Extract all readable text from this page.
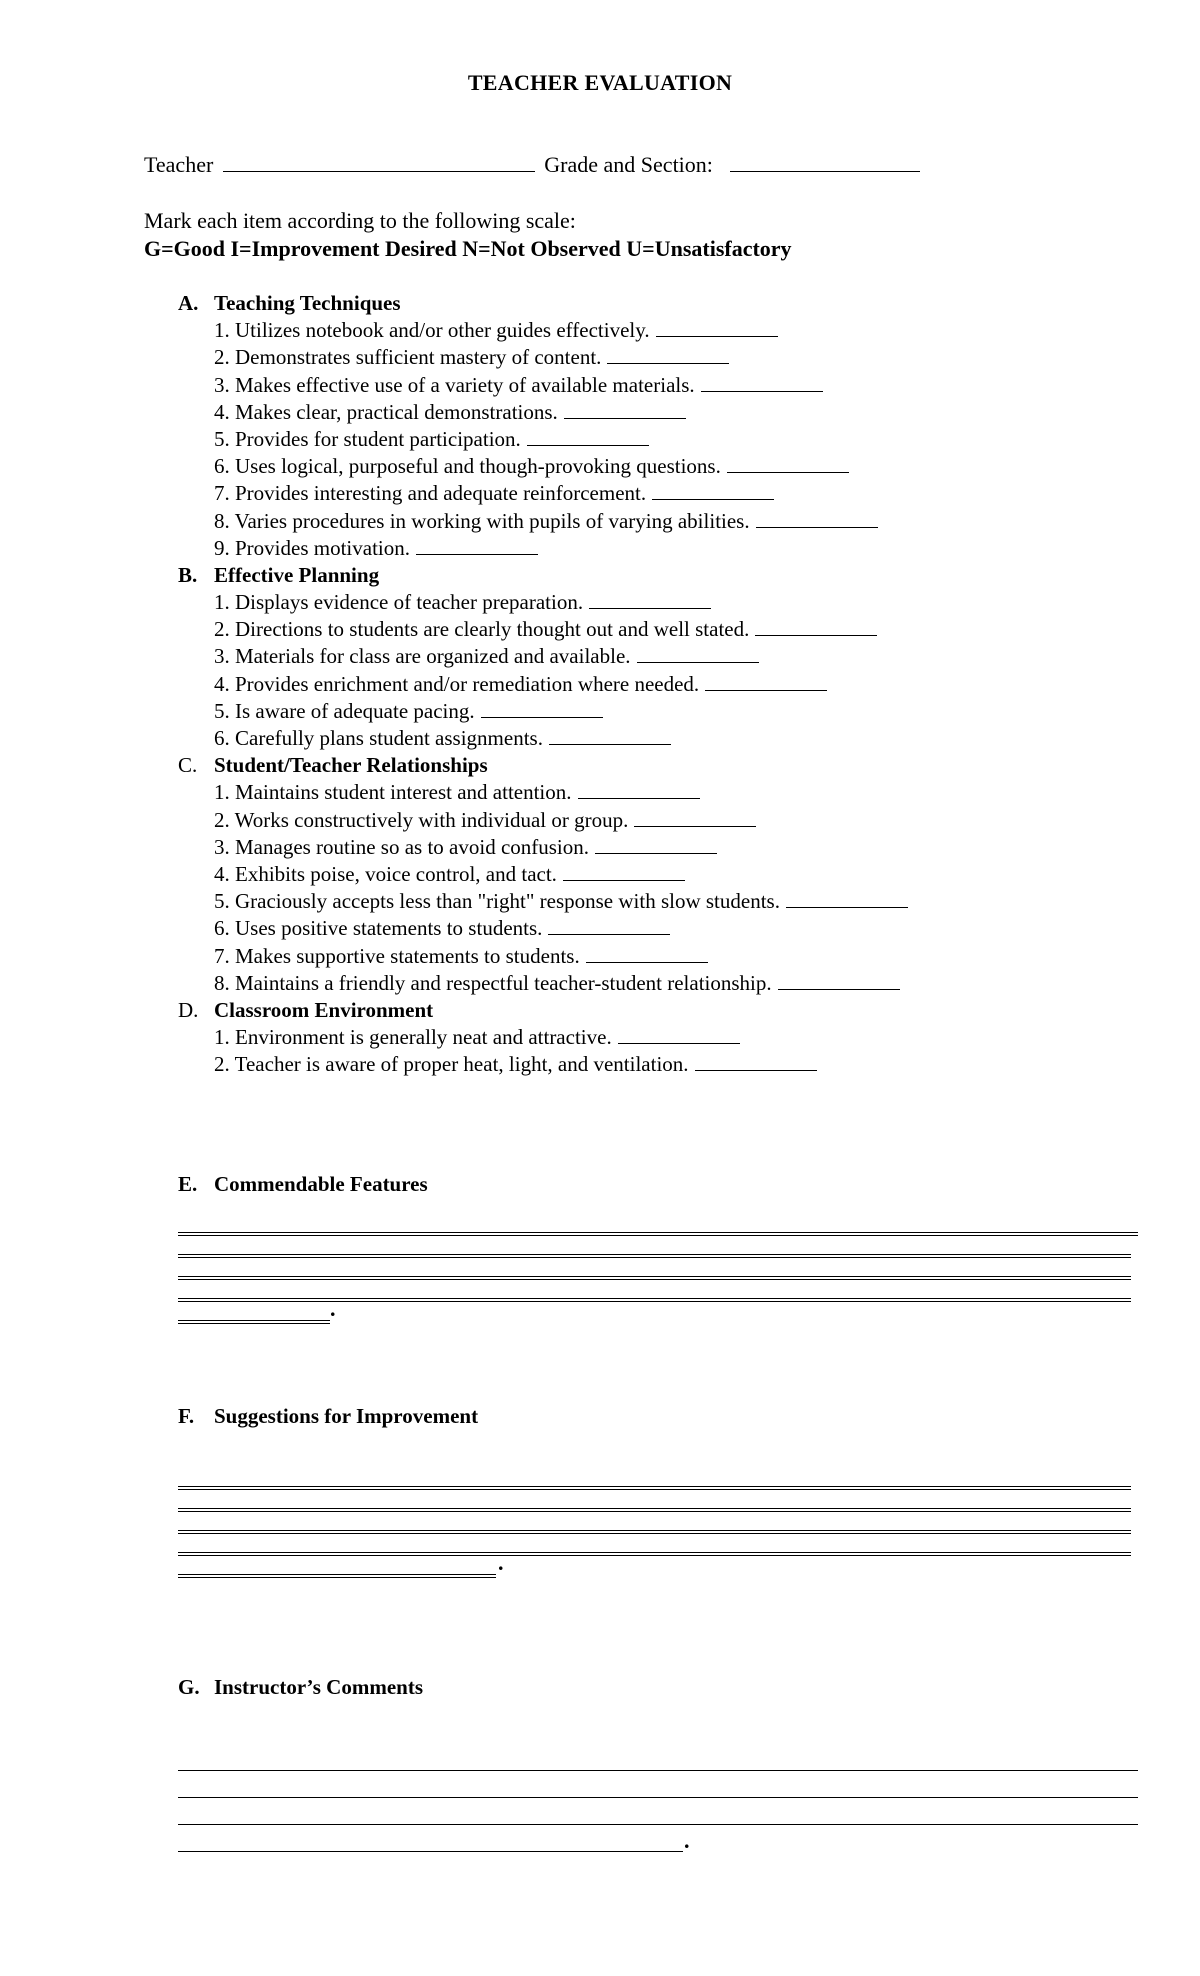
TEACHER EVALUATION
Teacher	Grade and Section:
Mark each item according to the following scale:
G=Good I=Improvement Desired N=Not Observed U=Unsatisfactory
A. Teaching Techniques
1. Utilizes notebook and/or other guides effectively.
2. Demonstrates sufficient mastery of content.
3. Makes effective use of a variety of available materials.
4. Makes clear, practical demonstrations.
5. Provides for student participation.
6. Uses logical, purposeful and though-provoking questions.
7. Provides interesting and adequate reinforcement.
8. Varies procedures in working with pupils of varying abilities.
9. Provides motivation.
B. Effective Planning
1. Displays evidence of teacher preparation.
2. Directions to students are clearly thought out and well stated.
3. Materials for class are organized and available.
4. Provides enrichment and/or remediation where needed.
5. Is aware of adequate pacing.
6. Carefully plans student assignments.
C. Student/Teacher Relationships
1. Maintains student interest and attention.
2. Works constructively with individual or group.
3. Manages routine so as to avoid confusion.
4. Exhibits poise, voice control, and tact.
5. Graciously accepts less than "right" response with slow students.
6. Uses positive statements to students.
7. Makes supportive statements to students.
8. Maintains a friendly and respectful teacher-student relationship.
D. Classroom Environment
1. Environment is generally neat and attractive.
2. Teacher is aware of proper heat, light, and ventilation.
E. Commendable Features
.
F. Suggestions for Improvement
.
G. Instructor’s Comments
.
